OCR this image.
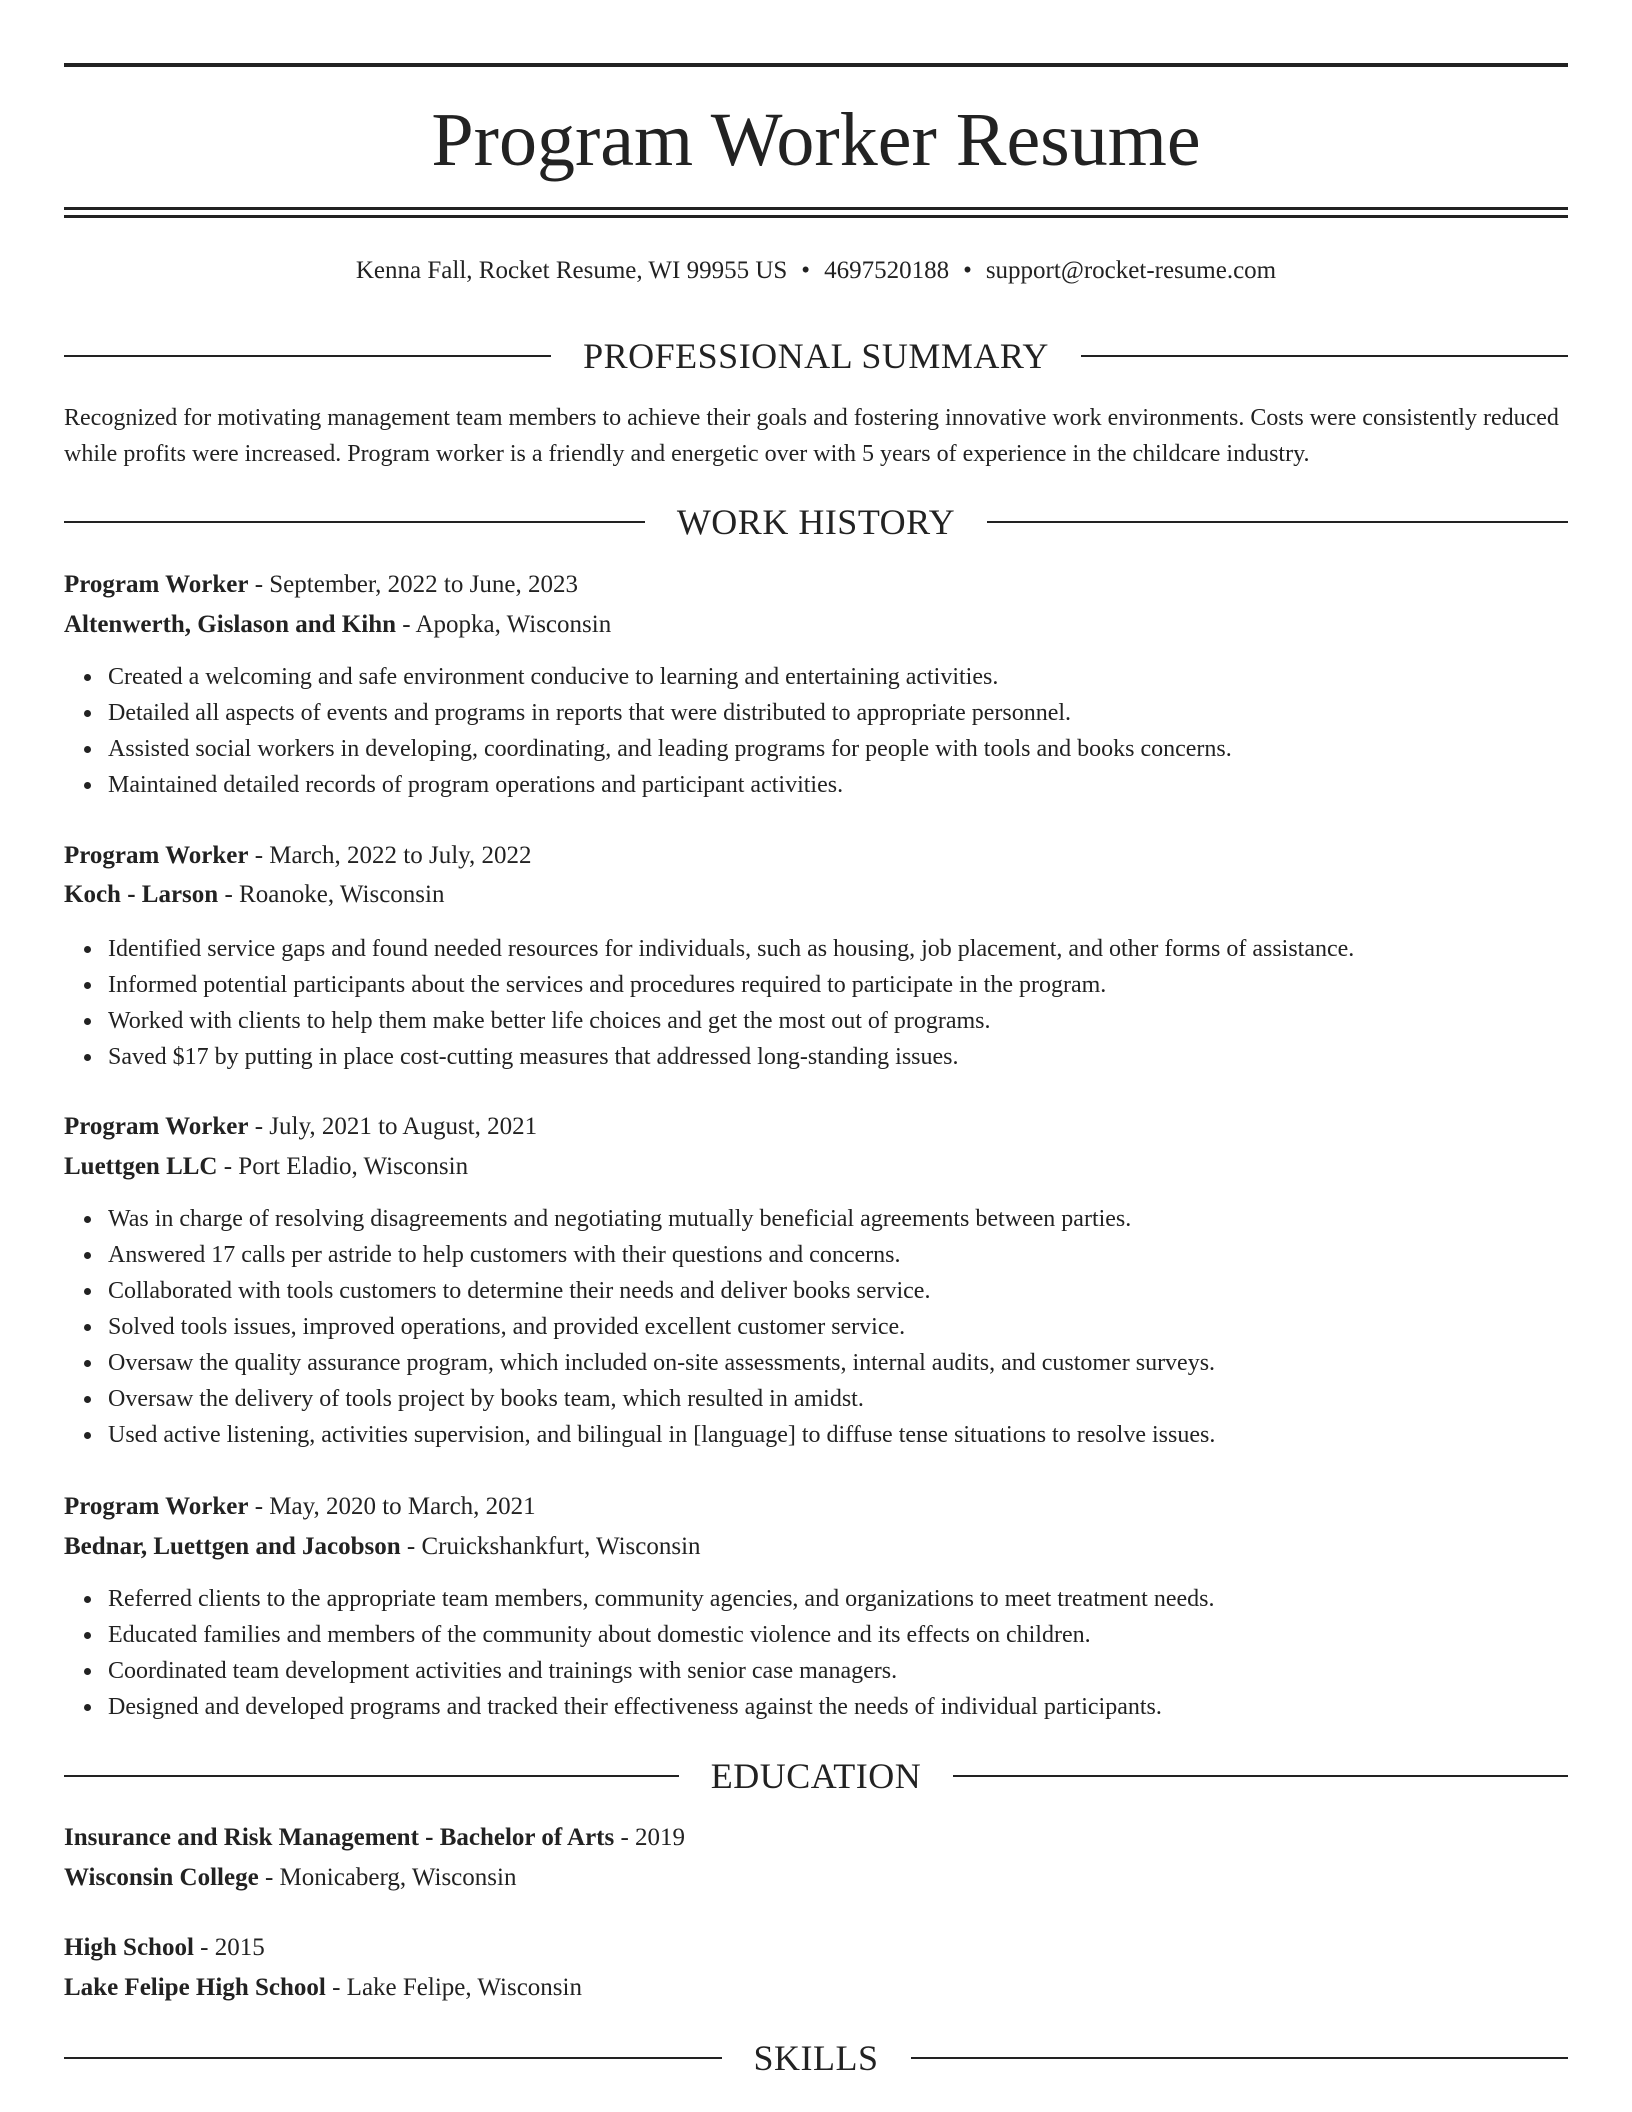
Program Worker Resume
Kenna Fall, Rocket Resume, WI 99955 US • 4697520188 • support@rocket-resume.com
PROFESSIONAL SUMMARY

Recognized for motivating management team members to achieve their goals and fostering innovative work environments. Costs were consistently reduced while profits were increased. Program worker is a friendly and energetic over with 5 years of experience in the childcare industry.

WORK HISTORY
Program Worker - September, 2022 to June, 2023
Altenwerth, Gislason and Kihn - Apopka, Wisconsin
Created a welcoming and safe environment conducive to learning and entertaining activities.
Detailed all aspects of events and programs in reports that were distributed to appropriate personnel.
Assisted social workers in developing, coordinating, and leading programs for people with tools and books concerns.
Maintained detailed records of program operations and participant activities.
Program Worker - March, 2022 to July, 2022
Koch - Larson - Roanoke, Wisconsin
Identified service gaps and found needed resources for individuals, such as housing, job placement, and other forms of assistance.
Informed potential participants about the services and procedures required to participate in the program.
Worked with clients to help them make better life choices and get the most out of programs.
Saved $17 by putting in place cost-cutting measures that addressed long-standing issues.
Program Worker - July, 2021 to August, 2021
Luettgen LLC - Port Eladio, Wisconsin
Was in charge of resolving disagreements and negotiating mutually beneficial agreements between parties.
Answered 17 calls per astride to help customers with their questions and concerns.
Collaborated with tools customers to determine their needs and deliver books service.
Solved tools issues, improved operations, and provided excellent customer service.
Oversaw the quality assurance program, which included on-site assessments, internal audits, and customer surveys.
Oversaw the delivery of tools project by books team, which resulted in amidst.
Used active listening, activities supervision, and bilingual in [language] to diffuse tense situations to resolve issues.
Program Worker - May, 2020 to March, 2021
Bednar, Luettgen and Jacobson - Cruickshankfurt, Wisconsin
Referred clients to the appropriate team members, community agencies, and organizations to meet treatment needs.
Educated families and members of the community about domestic violence and its effects on children.
Coordinated team development activities and trainings with senior case managers.
Designed and developed programs and tracked their effectiveness against the needs of individual participants.
EDUCATION
Insurance and Risk Management - Bachelor of Arts - 2019
Wisconsin College - Monicaberg, Wisconsin
High School - 2015
Lake Felipe High School - Lake Felipe, Wisconsin
SKILLS
